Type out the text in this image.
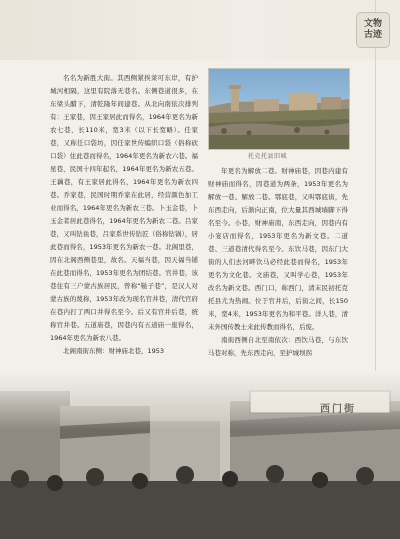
文物
古迹
托克托县旧城

名名为新胜大街。其西侧紧挨莱可东岸，有护城河相隔，这里有院落无巷名。东侧巷道很多，在东梁头醋下，清乾隆年间建巷。从北向南依次排列有：王家巷，因王家居此而得名，1964年更名为新农七巷，长110米，宽3米（以下长宽略）。任家巷，又称任口袋坊，因任家世传编织口袋（俗称砍口袋）住此巷而得名，1964年更名为新农六巷。福星巷，民国十四年起名，1964年更名为新农五巷。王藕巷，有王家居此得名，1964年更名为新农四巷。乔家巷，民国时期乔家在此居，经营颜色加工业而得名，1964年更名为新农三巷。卜玉金巷，卜玉金者居此巷得名，1964年更名为新农二巷。吕家巷，又叫钻鱼巷，吕家系世传钻匠（俗称钻锅），居此巷而得名，1953年更名为新农一巷。北阁里巷，因在北阁西侧巷里，故名。天福当巷，因天福当铺在此巷而得名，1953年更名为团结巷。官井巷，该巷住有三户蒙古族居民，曾称“鞑子巷”，是汉人对蒙古族的蔑称，1953年改为现名官井巷，清代官府在巷内打了两口井得名至今。后又有官井后巷，统称官井巷。五道庙巷，因巷内有五道庙一座得名，1964年更名为新农八巷。

北阁南街东侧：财神庙北巷，1953

年更名为解放二巷。财神庙巷，因巷内建有财神庙而得名，因巷道为两条，1953年更名为解放一巷、解放二巷。鄂底巷，又叫鄂底街，先东西走向，后渐向正南，位大量其西城墙脚下得名至今。小巷，财神庙南，东西走向，因巷内有小宴店而得名，1953年更名为新文巷。二道巷、三道巷清代得名至今。东饮马巷，因东门大街的人们去河畔饮马必经此巷而得名，1953年更名为文化巷。文庙巷，又叫学心巷，1953年改名为新文巷。西门口，称西门，清末民初托克托县尤为热闹。位于官井后，后街之间，长150米，宽4米，1953年更名为和平巷。洋人巷，清末外国传教士来此传教而得名，后废。

南街西侧自北至南依次：西饮马巷，与东饮马巷对称，先东西走向，至护城坝拐

西门街
